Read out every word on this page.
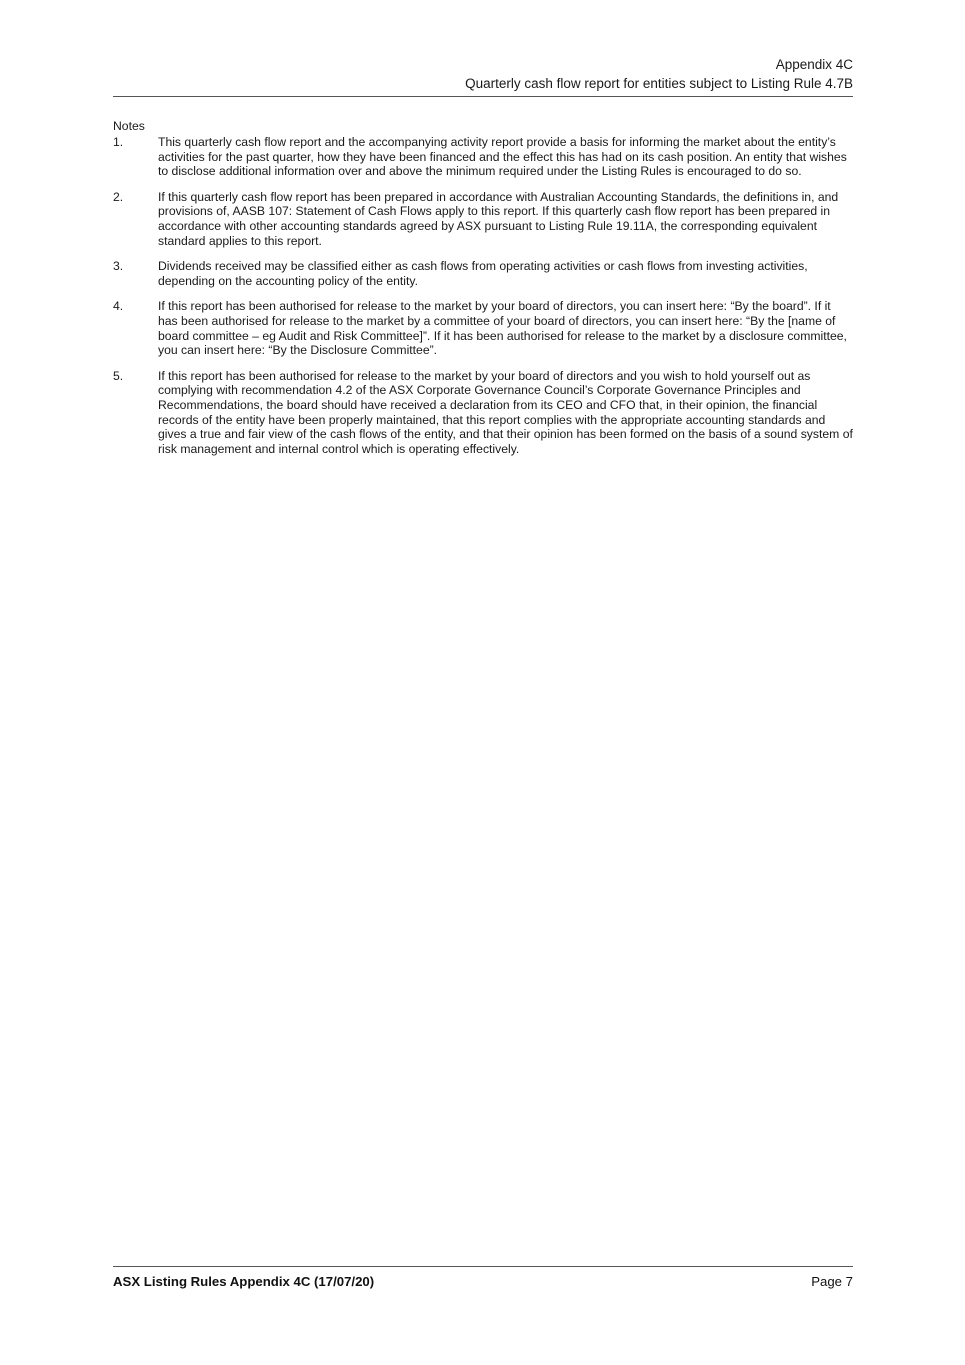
Appendix 4C
Quarterly cash flow report for entities subject to Listing Rule 4.7B
Notes
1.	This quarterly cash flow report and the accompanying activity report provide a basis for informing the market about the entity’s activities for the past quarter, how they have been financed and the effect this has had on its cash position. An entity that wishes to disclose additional information over and above the minimum required under the Listing Rules is encouraged to do so.
2.	If this quarterly cash flow report has been prepared in accordance with Australian Accounting Standards, the definitions in, and provisions of, AASB 107: Statement of Cash Flows apply to this report. If this quarterly cash flow report has been prepared in accordance with other accounting standards agreed by ASX pursuant to Listing Rule 19.11A, the corresponding equivalent standard applies to this report.
3.	Dividends received may be classified either as cash flows from operating activities or cash flows from investing activities, depending on the accounting policy of the entity.
4.	If this report has been authorised for release to the market by your board of directors, you can insert here: “By the board”. If it has been authorised for release to the market by a committee of your board of directors, you can insert here: “By the [name of board committee – eg Audit and Risk Committee]”. If it has been authorised for release to the market by a disclosure committee, you can insert here: “By the Disclosure Committee”.
5.	If this report has been authorised for release to the market by your board of directors and you wish to hold yourself out as complying with recommendation 4.2 of the ASX Corporate Governance Council’s Corporate Governance Principles and Recommendations, the board should have received a declaration from its CEO and CFO that, in their opinion, the financial records of the entity have been properly maintained, that this report complies with the appropriate accounting standards and gives a true and fair view of the cash flows of the entity, and that their opinion has been formed on the basis of a sound system of risk management and internal control which is operating effectively.
ASX Listing Rules Appendix 4C (17/07/20)	Page 7
